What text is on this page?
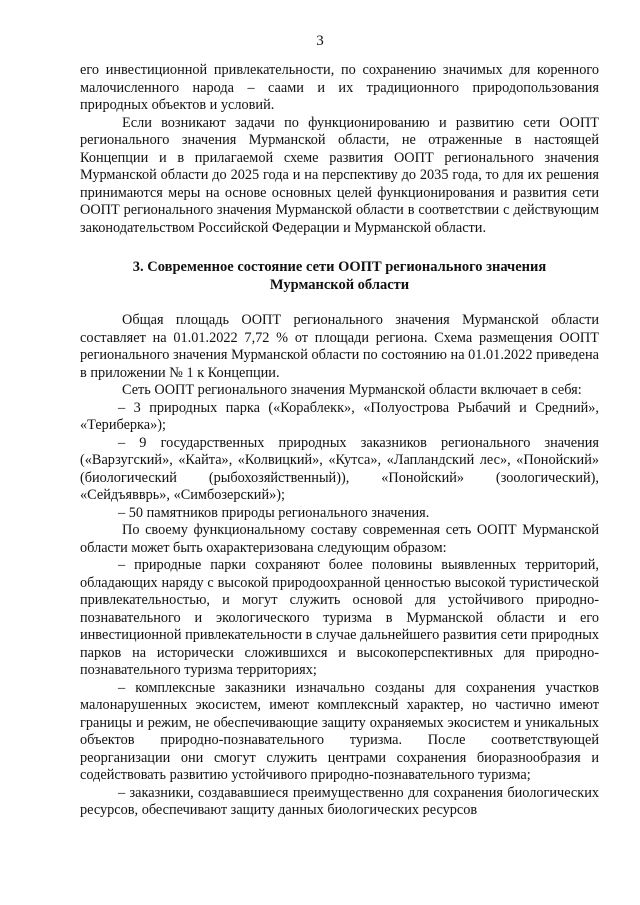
3

его инвестиционной привлекательности, по сохранению значимых для коренного малочисленного народа – саами и их традиционного природопользования природных объектов и условий.

Если возникают задачи по функционированию и развитию сети ООПТ регионального значения Мурманской области, не отраженные в настоящей Концепции и в прилагаемой схеме развития ООПТ регионального значения Мурманской области до 2025 года и на перспективу до 2035 года, то для их решения принимаются меры на основе основных целей функционирования и развития сети ООПТ регионального значения Мурманской области в соответствии с действующим законодательством Российской Федерации и Мурманской области.

3. Современное состояние сети ООПТ регионального значения
Мурманской области

Общая площадь ООПТ регионального значения Мурманской области составляет на 01.01.2022 7,72 % от площади региона. Схема размещения ООПТ регионального значения Мурманской области по состоянию на 01.01.2022 приведена в приложении № 1 к Концепции.

Сеть ООПТ регионального значения Мурманской области включает в себя:

– 3 природных парка («Кораблекк», «Полуострова Рыбачий и Средний», «Териберка»);

– 9 государственных природных заказников регионального значения («Варзугский», «Кайта», «Колвицкий», «Кутса», «Лапландский лес», «Понойский» (биологический (рыбохозяйственный)), «Понойский» (зоологический), «Сейдъявврь», «Симбозерский»);

– 50 памятников природы регионального значения.

По своему функциональному составу современная сеть ООПТ Мурманской области может быть охарактеризована следующим образом:

– природные парки сохраняют более половины выявленных территорий, обладающих наряду с высокой природоохранной ценностью высокой туристической привлекательностью, и могут служить основой для устойчивого природно-познавательного и экологического туризма в Мурманской области и его инвестиционной привлекательности в случае дальнейшего развития сети природных парков на исторически сложившихся и высокоперспективных для природно-познавательного туризма территориях;

– комплексные заказники изначально созданы для сохранения участков малонарушенных экосистем, имеют комплексный характер, но частично имеют границы и режим, не обеспечивающие защиту охраняемых экосистем и уникальных объектов природно-познавательного туризма. После соответствующей реорганизации они смогут служить центрами сохранения биоразнообразия и содействовать развитию устойчивого природно-познавательного туризма;

– заказники, создававшиеся преимущественно для сохранения биологических ресурсов, обеспечивают защиту данных биологических ресурсов
